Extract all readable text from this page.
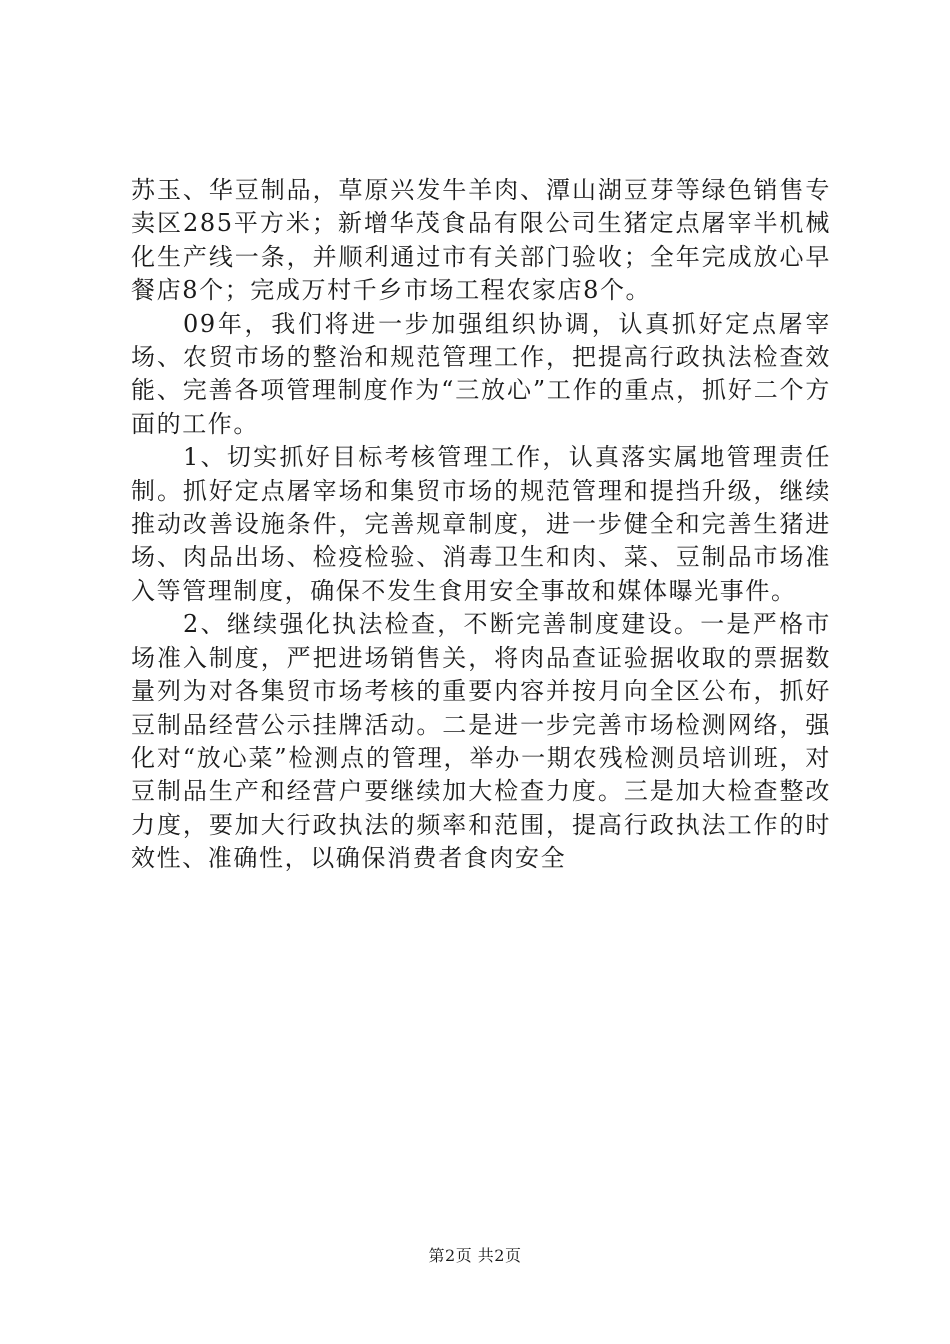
苏玉、华豆制品，草原兴发牛羊肉、潭山湖豆芽等绿色销售专卖区285平方米；新增华茂食品有限公司生猪定点屠宰半机械化生产线一条，并顺利通过市有关部门验收；全年完成放心早餐店8个；完成万村千乡市场工程农家店8个。

09年，我们将进一步加强组织协调，认真抓好定点屠宰场、农贸市场的整治和规范管理工作，把提高行政执法检查效能、完善各项管理制度作为“三放心”工作的重点，抓好二个方面的工作。

1、切实抓好目标考核管理工作，认真落实属地管理责任制。抓好定点屠宰场和集贸市场的规范管理和提挡升级，继续推动改善设施条件，完善规章制度，进一步健全和完善生猪进场、肉品出场、检疫检验、消毒卫生和肉、菜、豆制品市场准入等管理制度，确保不发生食用安全事故和媒体曝光事件。

2、继续强化执法检查，不断完善制度建设。一是严格市场准入制度，严把进场销售关，将肉品查证验据收取的票据数量列为对各集贸市场考核的重要内容并按月向全区公布，抓好豆制品经营公示挂牌活动。二是进一步完善市场检测网络，强化对“放心菜”检测点的管理，举办一期农残检测员培训班，对豆制品生产和经营户要继续加大检查力度。三是加大检查整改力度，要加大行政执法的频率和范围，提高行政执法工作的时效性、准确性，以确保消费者食肉安全

第2页 共2页
